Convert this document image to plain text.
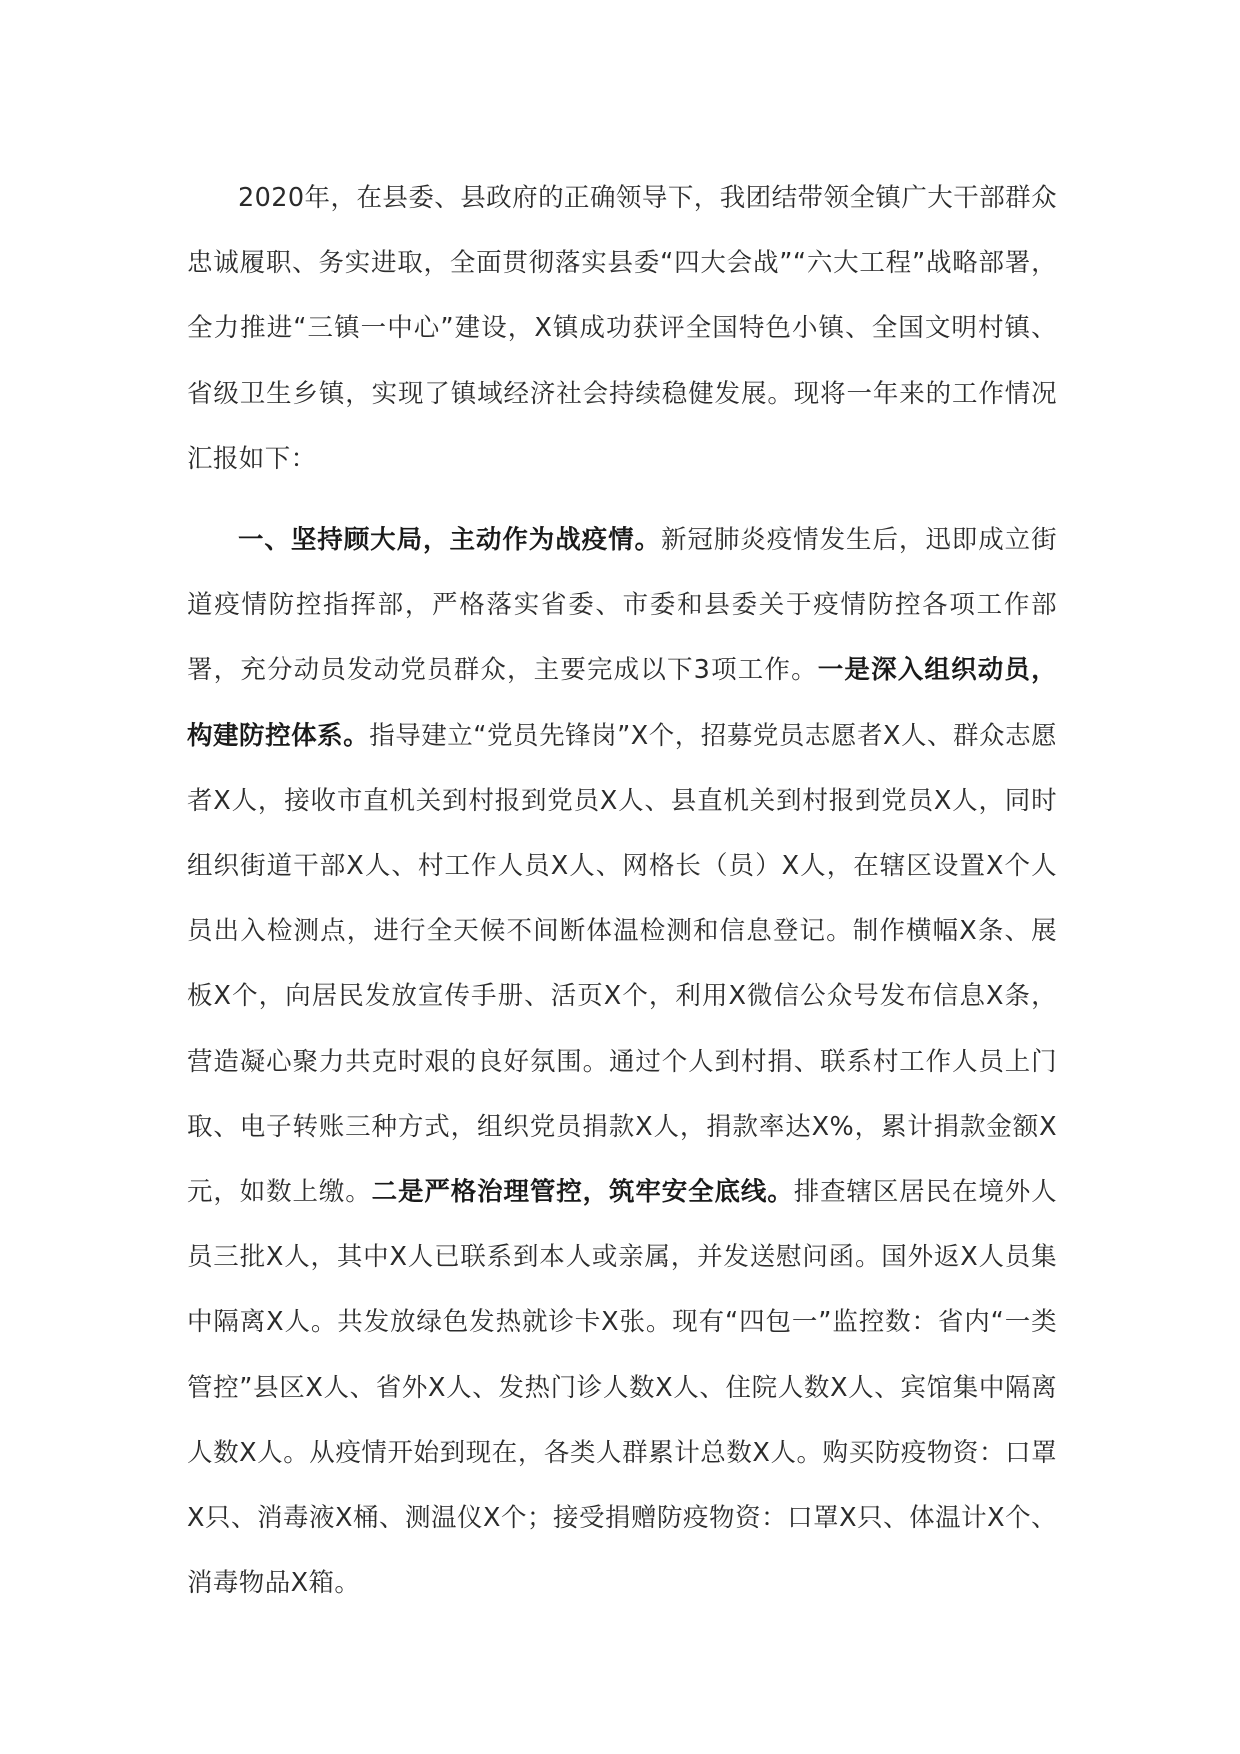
2020年，在县委、县政府的正确领导下，我团结带领全镇广大干部群众忠诚履职、务实进取，全面贯彻落实县委“四大会战”“六大工程”战略部署，全力推进“三镇一中心”建设，X镇成功获评全国特色小镇、全国文明村镇、省级卫生乡镇，实现了镇域经济社会持续稳健发展。现将一年来的工作情况汇报如下：

一、坚持顾大局，主动作为战疫情。新冠肺炎疫情发生后，迅即成立街道疫情防控指挥部，严格落实省委、市委和县委关于疫情防控各项工作部署，充分动员发动党员群众，主要完成以下3项工作。一是深入组织动员，构建防控体系。指导建立“党员先锋岗”X个，招募党员志愿者X人、群众志愿者X人，接收市直机关到村报到党员X人、县直机关到村报到党员X人，同时组织街道干部X人、村工作人员X人、网格长（员）X人，在辖区设置X个人员出入检测点，进行全天候不间断体温检测和信息登记。制作横幅X条、展板X个，向居民发放宣传手册、活页X个，利用X微信公众号发布信息X条，营造凝心聚力共克时艰的良好氛围。通过个人到村捐、联系村工作人员上门取、电子转账三种方式，组织党员捐款X人，捐款率达X%，累计捐款金额X元，如数上缴。二是严格治理管控，筑牢安全底线。排查辖区居民在境外人员三批X人，其中X人已联系到本人或亲属，并发送慰问函。国外返X人员集中隔离X人。共发放绿色发热就诊卡X张。现有“四包一”监控数：省内“一类管控”县区X人、省外X人、发热门诊人数X人、住院人数X人、宾馆集中隔离人数X人。从疫情开始到现在，各类人群累计总数X人。购买防疫物资：口罩X只、消毒液X桶、测温仪X个；接受捐赠防疫物资：口罩X只、体温计X个、消毒物品X箱。
